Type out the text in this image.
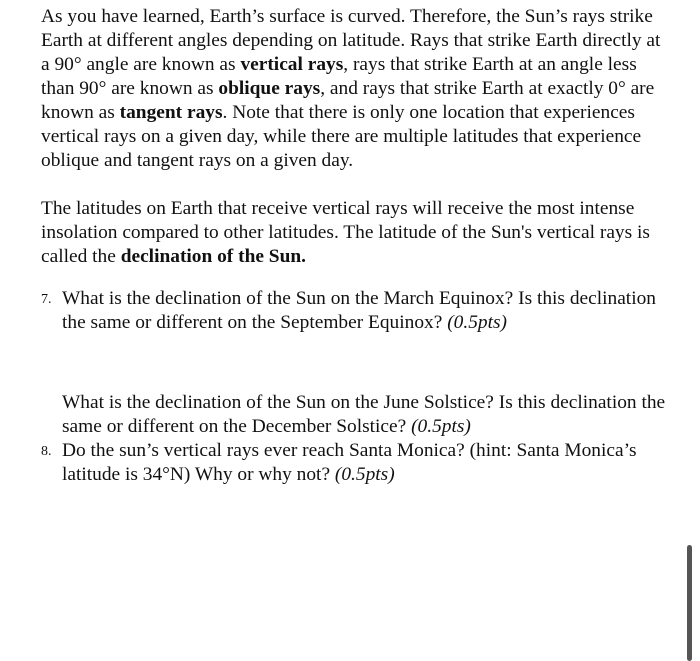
As you have learned, Earth’s surface is curved. Therefore, the Sun’s rays strike Earth at different angles depending on latitude. Rays that strike Earth directly at a 90° angle are known as vertical rays, rays that strike Earth at an angle less than 90° are known as oblique rays, and rays that strike Earth at exactly 0° are known as tangent rays. Note that there is only one location that experiences vertical rays on a given day, while there are multiple latitudes that experience oblique and tangent rays on a given day.

The latitudes on Earth that receive vertical rays will receive the most intense insolation compared to other latitudes. The latitude of the Sun's vertical rays is called the declination of the Sun.

7. What is the declination of the Sun on the March Equinox? Is this declination the same or different on the September Equinox? (0.5pts)

What is the declination of the Sun on the June Solstice? Is this declination the same or different on the December Solstice? (0.5pts)

8. Do the sun’s vertical rays ever reach Santa Monica? (hint: Santa Monica’s latitude is 34°N) Why or why not? (0.5pts)
